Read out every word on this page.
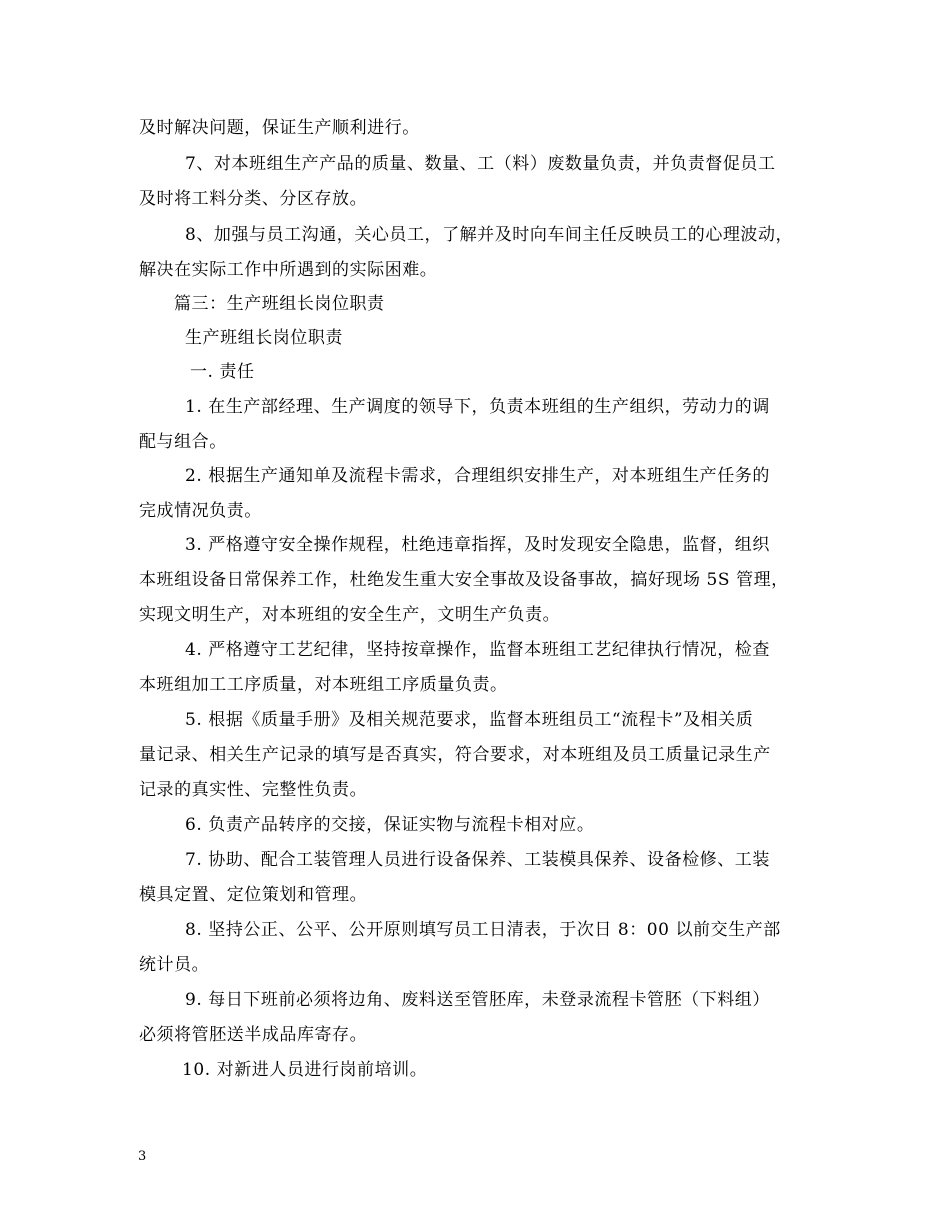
及时解决问题，保证生产顺利进行。
7、对本班组生产产品的质量、数量、工（料）废数量负责，并负责督促员工
及时将工料分类、分区存放。
8、加强与员工沟通，关心员工，了解并及时向车间主任反映员工的心理波动，
解决在实际工作中所遇到的实际困难。
篇三：生产班组长岗位职责
生产班组长岗位职责
一. 责任
1. 在生产部经理、生产调度的领导下，负责本班组的生产组织，劳动力的调
配与组合。
2. 根据生产通知单及流程卡需求，合理组织安排生产，对本班组生产任务的
完成情况负责。
3. 严格遵守安全操作规程，杜绝违章指挥，及时发现安全隐患，监督，组织
本班组设备日常保养工作，杜绝发生重大安全事故及设备事故，搞好现场 5S 管理，
实现文明生产，对本班组的安全生产，文明生产负责。
4. 严格遵守工艺纪律，坚持按章操作，监督本班组工艺纪律执行情况，检查
本班组加工工序质量，对本班组工序质量负责。
5. 根据《质量手册》及相关规范要求，监督本班组员工“流程卡”及相关质
量记录、相关生产记录的填写是否真实，符合要求，对本班组及员工质量记录生产
记录的真实性、完整性负责。
6. 负责产品转序的交接，保证实物与流程卡相对应。
7. 协助、配合工装管理人员进行设备保养、工装模具保养、设备检修、工装
模具定置、定位策划和管理。
8. 坚持公正、公平、公开原则填写员工日清表，于次日 8：00 以前交生产部
统计员。
9. 每日下班前必须将边角、废料送至管胚库，未登录流程卡管胚（下料组）
必须将管胚送半成品库寄存。
10. 对新进人员进行岗前培训。
3
